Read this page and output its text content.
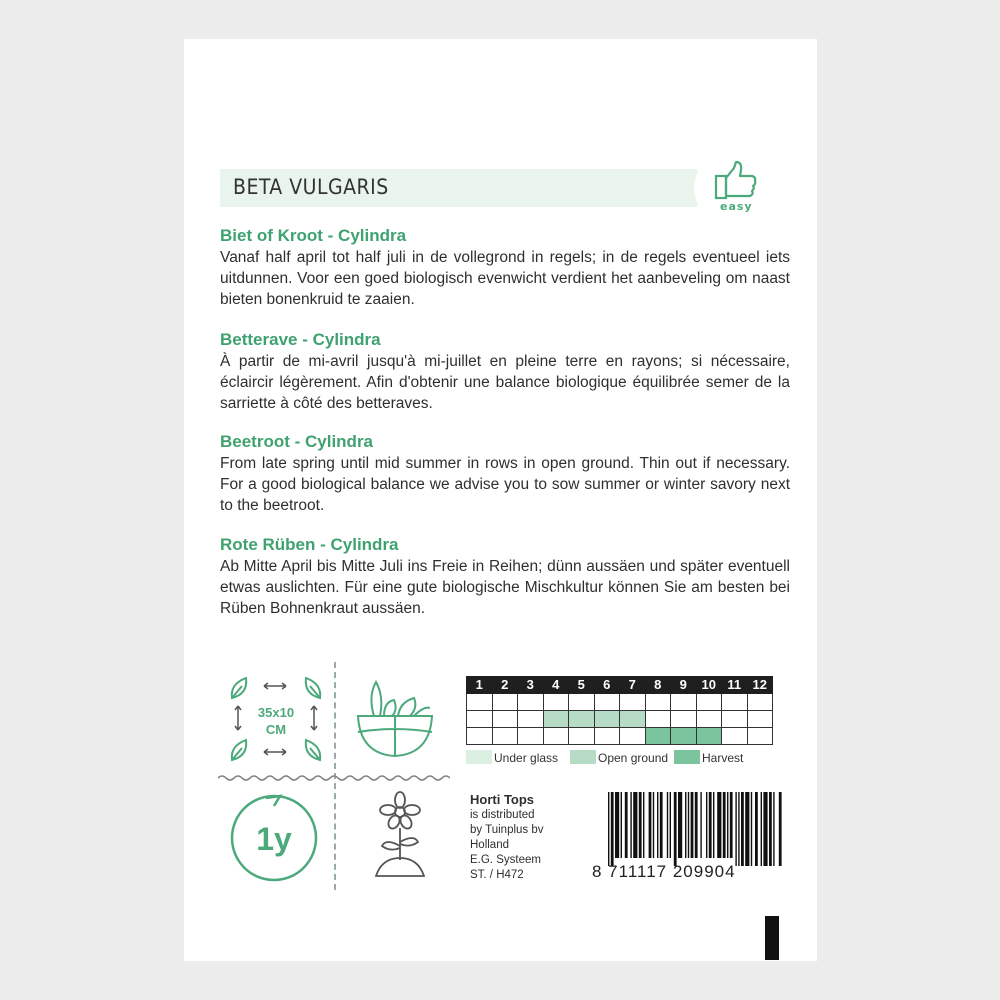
BETA VULGARIS
easy
Biet of Kroot - Cylindra

Vanaf half april tot half juli in de vollegrond in regels; in de regels eventueel iets uitdunnen. Voor een goed biologisch evenwicht verdient het aanbeveling om naast bieten bonenkruid te zaaien.

Betterave - Cylindra

À partir de mi-avril jusqu'à mi-juillet en pleine terre en rayons; si nécessaire, éclaircir légèrement. Afin d'obtenir une balance biologique équilibrée semer de la sarriette à côté des betteraves.

Beetroot - Cylindra

From late spring until mid summer in rows in open ground. Thin out if necessary. For a good biological balance we advise you to sow summer or winter savory next to the beetroot.

Rote Rüben - Cylindra

Ab Mitte April bis Mitte Juli ins Freie in Reihen; dünn aussäen und später eventuell etwas auslichten. Für eine gute biologische Mischkultur können Sie am besten bei Rüben Bohnenkraut aussäen.

35x10
CM
1y
1	2	3	4	5	6	7	8	9	10	11	12

Under glass	Open ground	Harvest
Horti Tops
is distributed
by Tuinplus bv
Holland
E.G. Systeem
ST. / H472	8 711117 209904
